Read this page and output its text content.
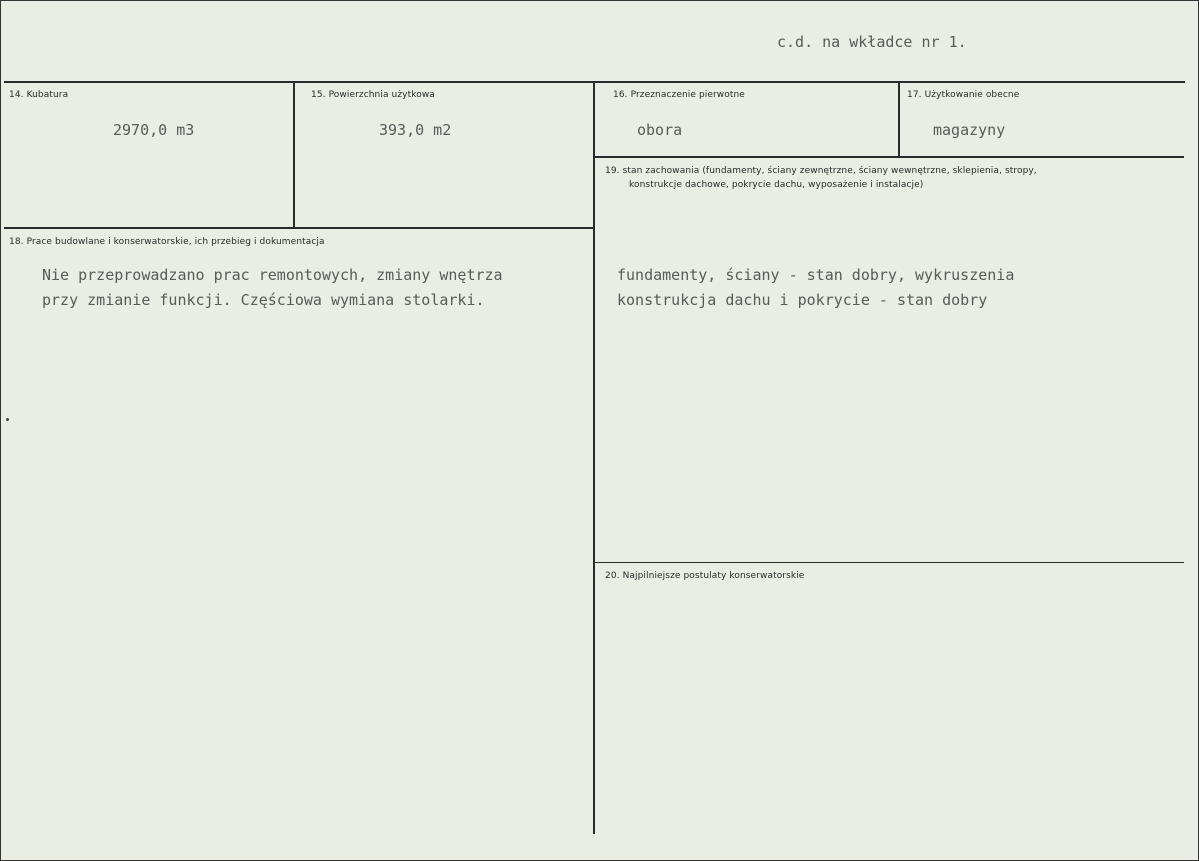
c.d. na wkładce nr 1.
14. Kubatura
2970,0 m3
15. Powierzchnia użytkowa
393,0 m2
16. Przeznaczenie pierwotne
obora
17. Użytkowanie obecne
magazyny
19. stan zachowania (fundamenty, ściany zewnętrzne, ściany wewnętrzne, sklepienia, stropy,
konstrukcje dachowe, pokrycie dachu, wyposażenie i instalacje)
fundamenty, ściany - stan dobry, wykruszenia
konstrukcja dachu i pokrycie - stan dobry
18. Prace budowlane i konserwatorskie, ich przebieg i dokumentacja
Nie przeprowadzano prac remontowych, zmiany wnętrza
przy zmianie funkcji. Częściowa wymiana stolarki.
20. Najpilniejsze postulaty konserwatorskie
